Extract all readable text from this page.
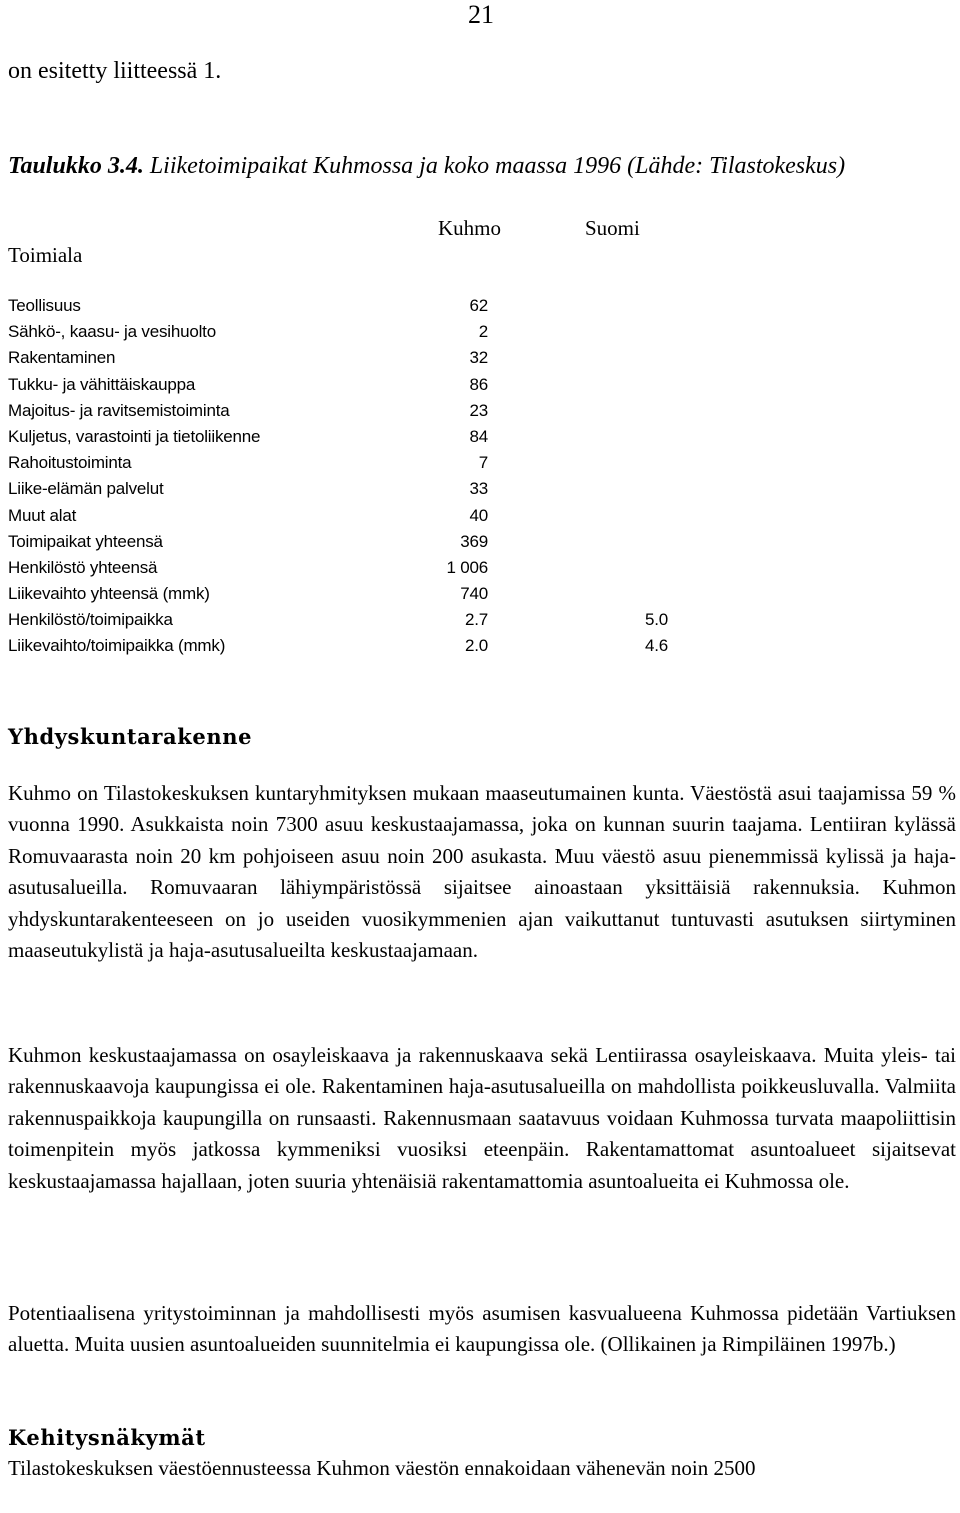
21
on esitetty liitteessä 1.
Taulukko 3.4. Liiketoimipaikat Kuhmossa ja koko maassa 1996 (Lähde: Tilastokeskus)
Kuhmo	Suomi
Toimiala
Teollisuus	62
Sähkö-, kaasu- ja vesihuolto	2
Rakentaminen	32
Tukku- ja vähittäiskauppa	86
Majoitus- ja ravitsemistoiminta	23
Kuljetus, varastointi ja tietoliikenne	84
Rahoitustoiminta	7
Liike-elämän palvelut	33
Muut alat	40
Toimipaikat yhteensä	369
Henkilöstö yhteensä	1 006
Liikevaihto yhteensä (mmk)	740
Henkilöstö/toimipaikka	2.7	5.0
Liikevaihto/toimipaikka (mmk)	2.0	4.6
Yhdyskuntarakenne
Kuhmo on Tilastokeskuksen kuntaryhmityksen mukaan maaseutumainen kunta. Väestöstä asui taajamissa 59 % vuonna 1990. Asukkaista noin 7300 asuu keskustaajamassa, joka on kunnan suurin taajama. Lentiiran kylässä Romuvaarasta noin 20 km pohjoiseen asuu noin 200 asukasta. Muu väestö asuu pienemmissä kylissä ja haja-asutusalueilla. Romuvaaran lähiympäristössä sijaitsee ainoastaan yksittäisiä rakennuksia. Kuhmon yhdyskuntarakenteeseen on jo useiden vuosikymmenien ajan vaikuttanut tuntuvasti asutuksen siirtyminen maaseutukylistä ja haja-asutusalueilta keskustaajamaan.
Kuhmon keskustaajamassa on osayleiskaava ja rakennuskaava sekä Lentiirassa osayleiskaava. Muita yleis- tai rakennuskaavoja kaupungissa ei ole. Rakentaminen haja-asutusalueilla on mahdollista poikkeusluvalla. Valmiita rakennuspaikkoja kaupungilla on runsaasti. Rakennusmaan saatavuus voidaan Kuhmossa turvata maapoliittisin toimenpitein myös jatkossa kymmeniksi vuosiksi eteenpäin. Rakentamattomat asuntoalueet sijaitsevat keskustaajamassa hajallaan, joten suuria yhtenäisiä rakentamattomia asuntoalueita ei Kuhmossa ole.
Potentiaalisena yritystoiminnan ja mahdollisesti myös asumisen kasvualueena Kuhmossa pidetään Vartiuksen aluetta. Muita uusien asuntoalueiden suunnitelmia ei kaupungissa ole. (Ollikainen ja Rimpiläinen 1997b.)
Kehitysnäkymät
Tilastokeskuksen väestöennusteessa Kuhmon väestön ennakoidaan vähenevän noin 2500
